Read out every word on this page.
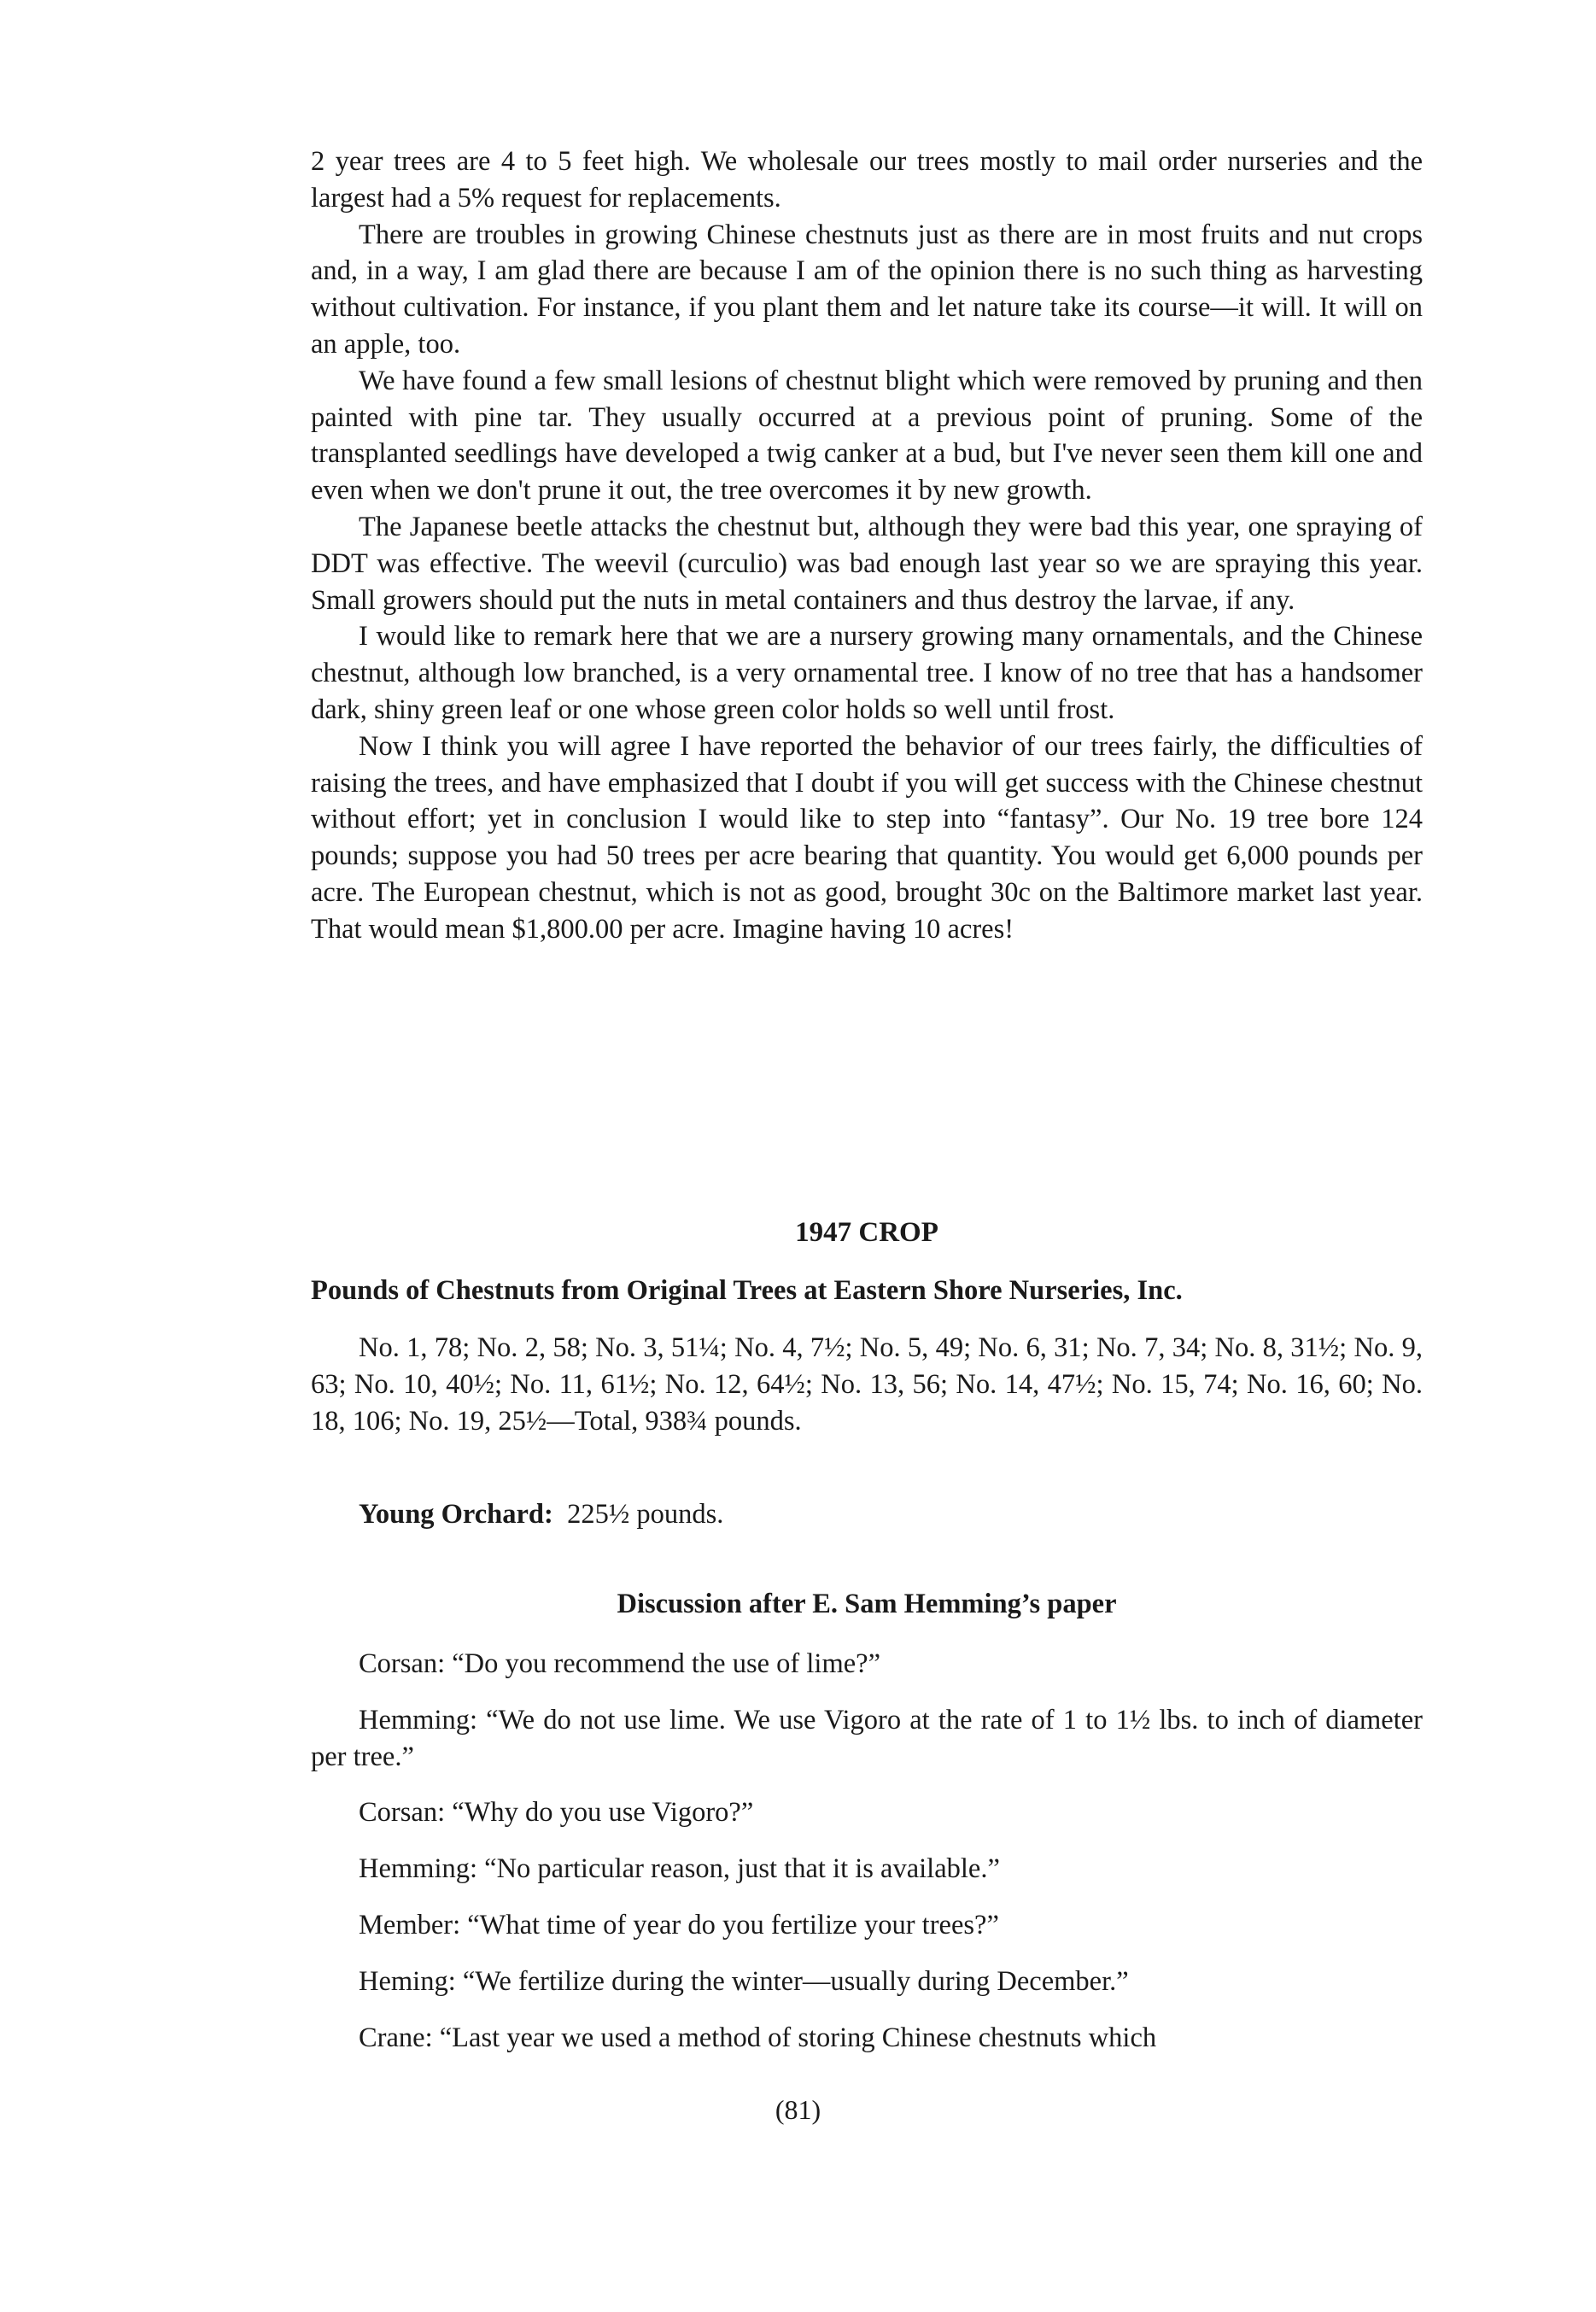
2 year trees are 4 to 5 feet high. We wholesale our trees mostly to mail order nurseries and the largest had a 5% request for replacements.

There are troubles in growing Chinese chestnuts just as there are in most fruits and nut crops and, in a way, I am glad there are because I am of the opinion there is no such thing as harvesting without cultivation. For instance, if you plant them and let nature take its course—it will. It will on an apple, too.

We have found a few small lesions of chestnut blight which were removed by pruning and then painted with pine tar. They usually occurred at a previous point of pruning. Some of the transplanted seedlings have developed a twig canker at a bud, but I've never seen them kill one and even when we don't prune it out, the tree overcomes it by new growth.

The Japanese beetle attacks the chestnut but, although they were bad this year, one spraying of DDT was effective. The weevil (curculio) was bad enough last year so we are spraying this year. Small growers should put the nuts in metal containers and thus destroy the larvae, if any.

I would like to remark here that we are a nursery growing many ornamentals, and the Chinese chestnut, although low branched, is a very ornamental tree. I know of no tree that has a handsomer dark, shiny green leaf or one whose green color holds so well until frost.

Now I think you will agree I have reported the behavior of our trees fairly, the difficulties of raising the trees, and have emphasized that I doubt if you will get success with the Chinese chestnut without effort; yet in conclusion I would like to step into “fantasy”. Our No. 19 tree bore 124 pounds; suppose you had 50 trees per acre bearing that quantity. You would get 6,000 pounds per acre. The European chestnut, which is not as good, brought 30c on the Baltimore market last year. That would mean $1,800.00 per acre. Imagine having 10 acres!

1947 CROP
Pounds of Chestnuts from Original Trees at Eastern Shore Nurseries, Inc.

No. 1, 78; No. 2, 58; No. 3, 51¼; No. 4, 7½; No. 5, 49; No. 6, 31; No. 7, 34; No. 8, 31½; No. 9, 63; No. 10, 40½; No. 11, 61½; No. 12, 64½; No. 13, 56; No. 14, 47½; No. 15, 74; No. 16, 60; No. 18, 106; No. 19, 25½—Total, 938¾ pounds.

Young Orchard: 225½ pounds.
Discussion after E. Sam Hemming’s paper

Corsan: “Do you recommend the use of lime?”

Hemming: “We do not use lime. We use Vigoro at the rate of 1 to 1½ lbs. to inch of diameter per tree.”

Corsan: “Why do you use Vigoro?”

Hemming: “No particular reason, just that it is available.”

Member: “What time of year do you fertilize your trees?”

Heming: “We fertilize during the winter—usually during December.”

Crane: “Last year we used a method of storing Chinese chestnuts which

(81)
